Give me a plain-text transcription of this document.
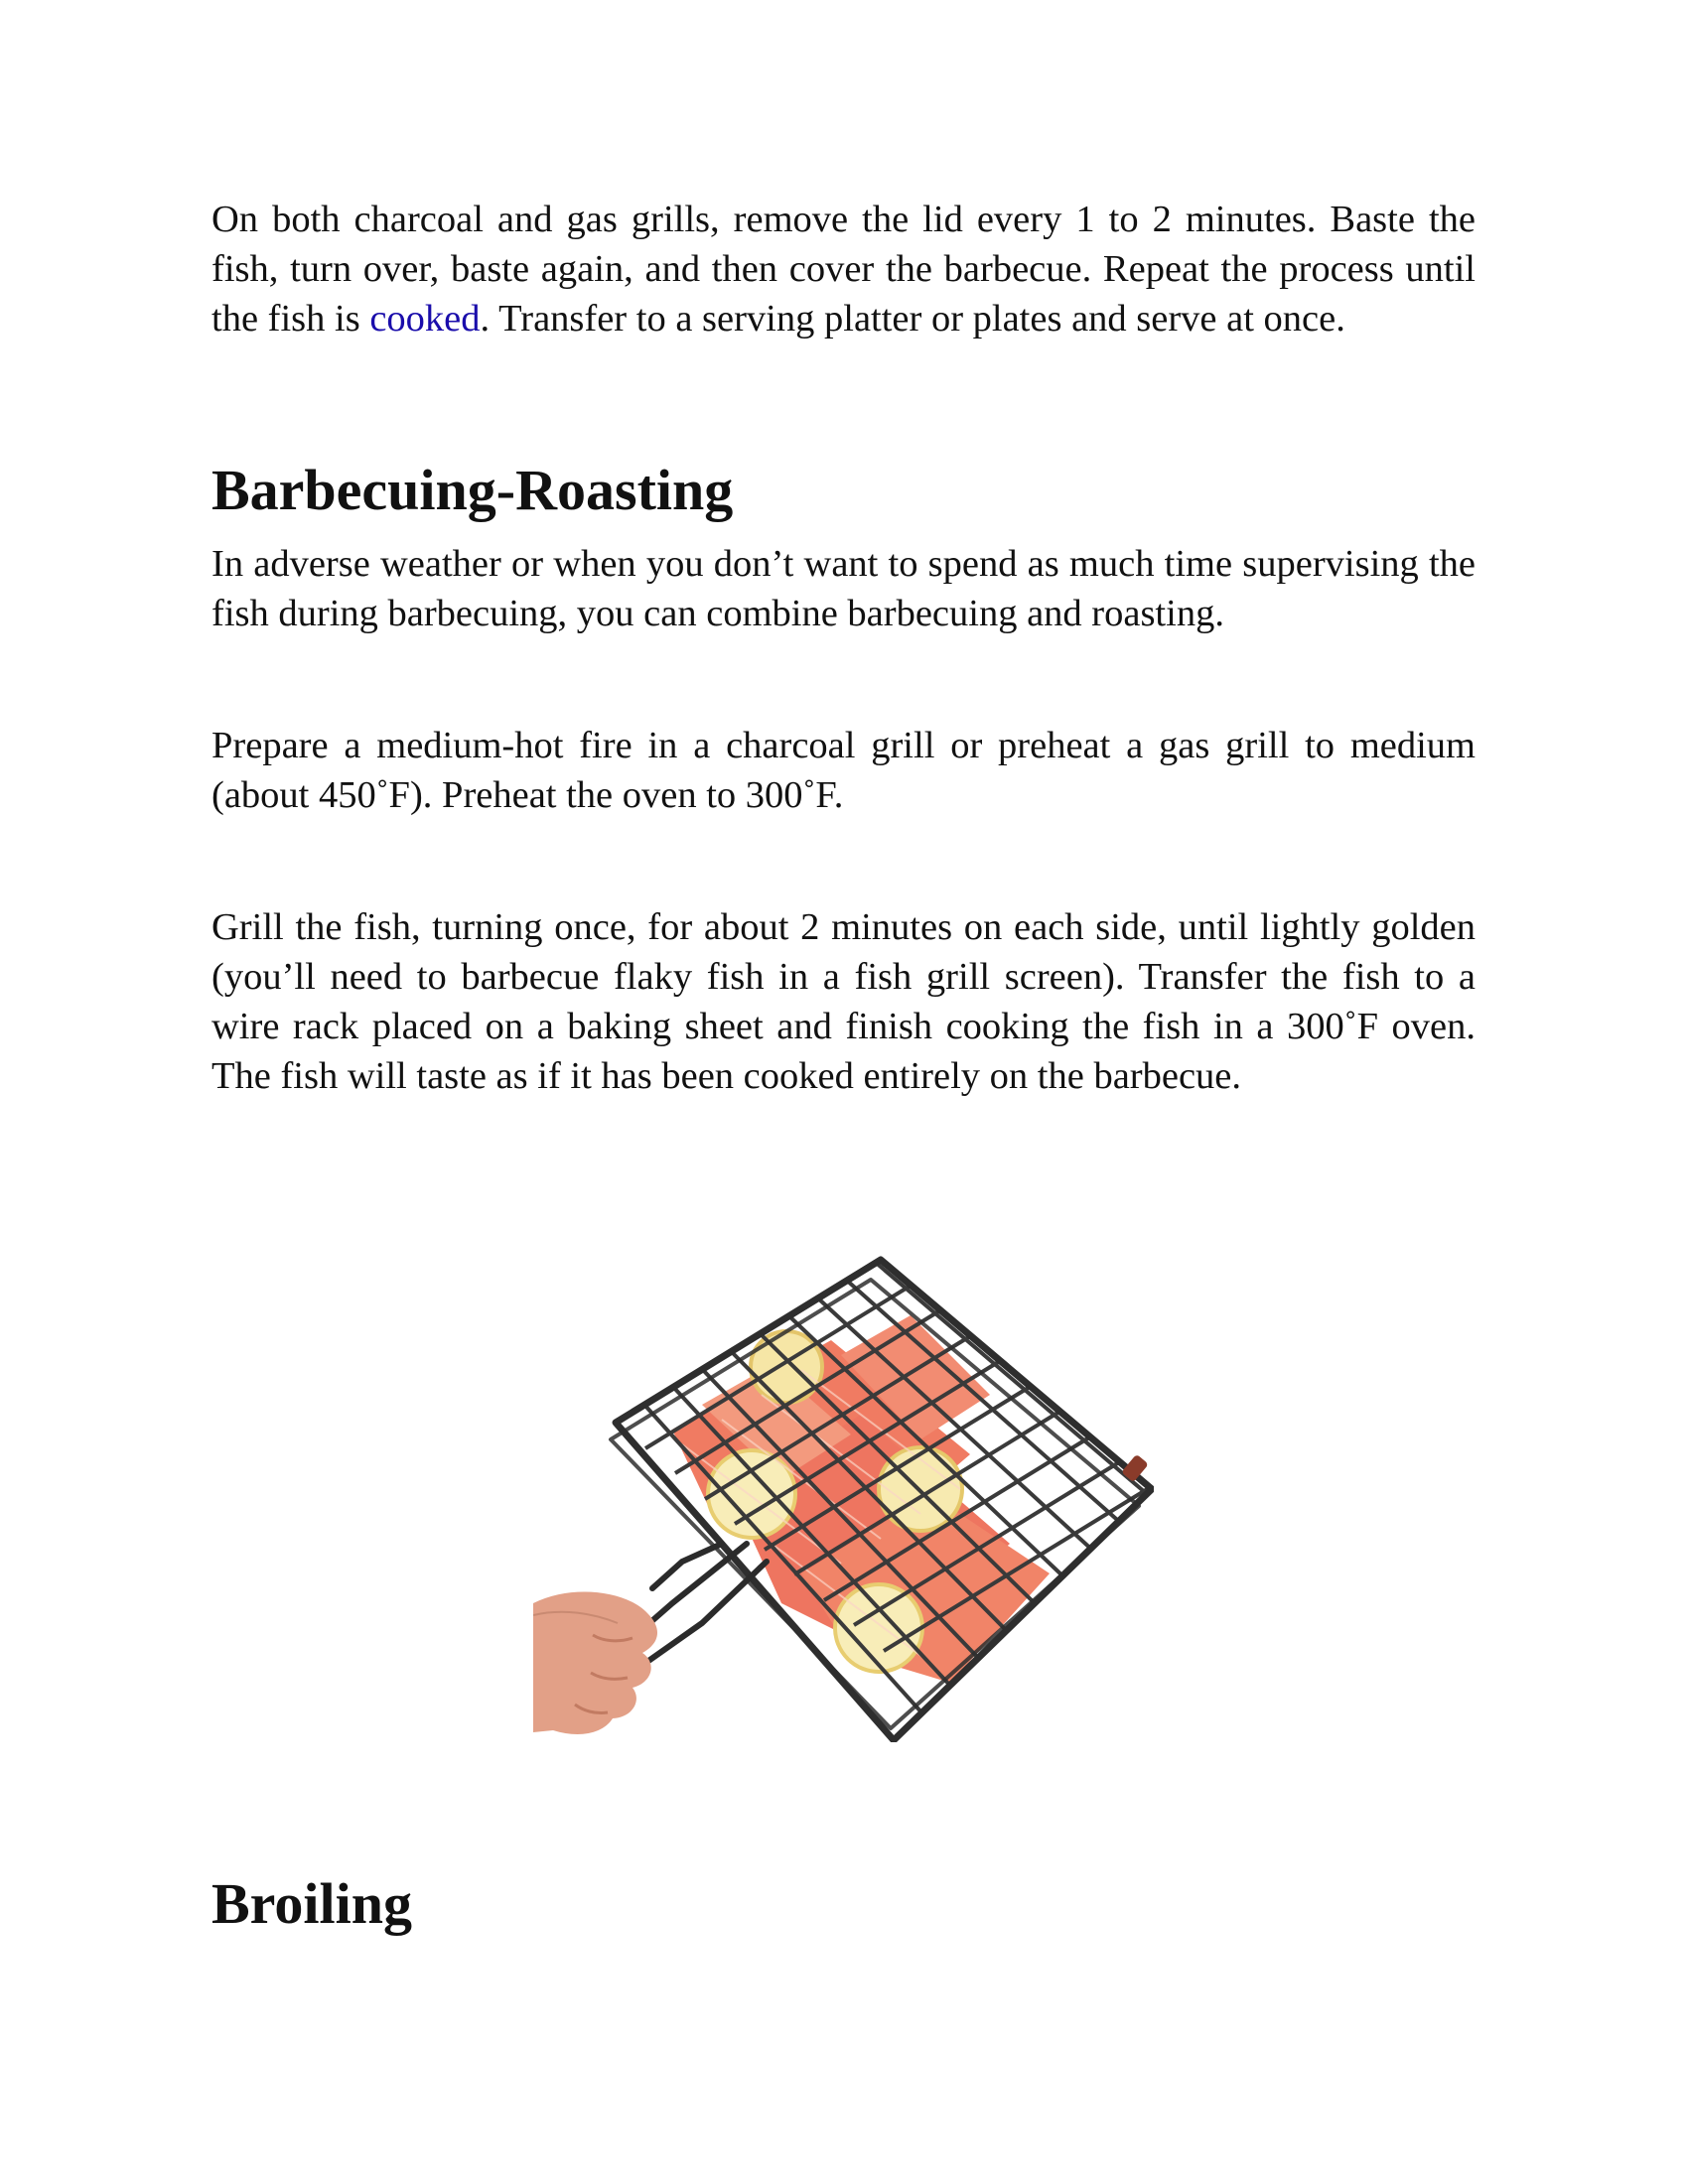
On both charcoal and gas grills, remove the lid every 1 to 2 minutes. Baste the fish, turn over, baste again, and then cover the barbecue. Repeat the process until the fish is cooked. Transfer to a serving platter or plates and serve at once.

Barbecuing-Roasting

In adverse weather or when you don’t want to spend as much time supervising the fish during barbecuing, you can combine barbecuing and roasting.

Prepare a medium-hot fire in a charcoal grill or preheat a gas grill to medium (about 450˚F). Preheat the oven to 300˚F.

Grill the fish, turning once, for about 2 minutes on each side, until lightly golden (you’ll need to barbecue flaky fish in a fish grill screen). Transfer the fish to a wire rack placed on a baking sheet and finish cooking the fish in a 300˚F oven. The fish will taste as if it has been cooked entirely on the barbecue.

Broiling
